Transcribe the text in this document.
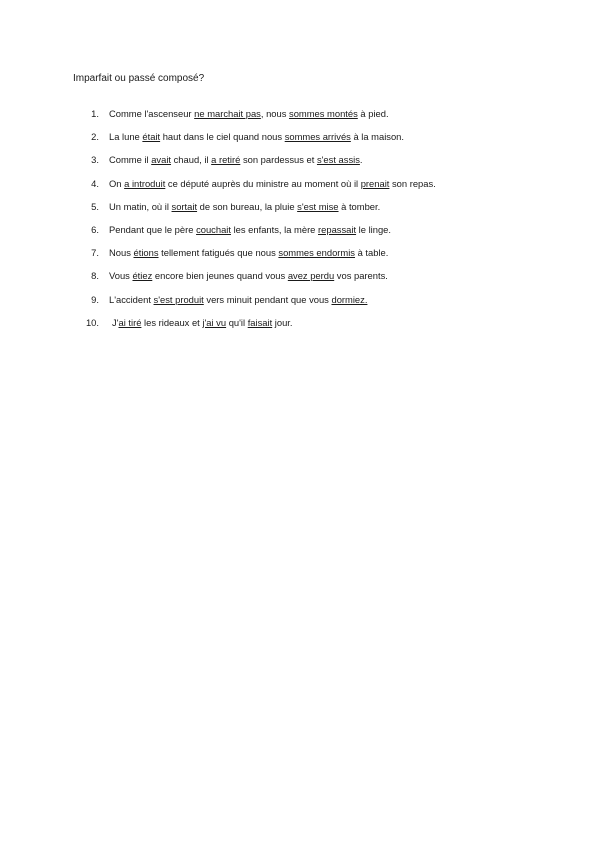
Imparfait ou passé composé?
1. Comme l'ascenseur ne marchait pas, nous sommes montés à pied.
2. La lune était haut dans le ciel quand nous sommes arrivés à la maison.
3. Comme il avait chaud, il a retiré son pardessus et s'est assis.
4. On a introduit ce député auprès du ministre au moment où il prenait son repas.
5. Un matin, où il sortait de son bureau, la pluie s'est mise à tomber.
6. Pendant que le père couchait les enfants, la mère repassait le linge.
7. Nous étions tellement fatigués que nous sommes endormis à table.
8. Vous étiez encore bien jeunes quand vous avez perdu vos parents.
9. L'accident s'est produit vers minuit pendant que vous dormiez.
10. J'ai tiré les rideaux et j'ai vu qu'il faisait jour.
